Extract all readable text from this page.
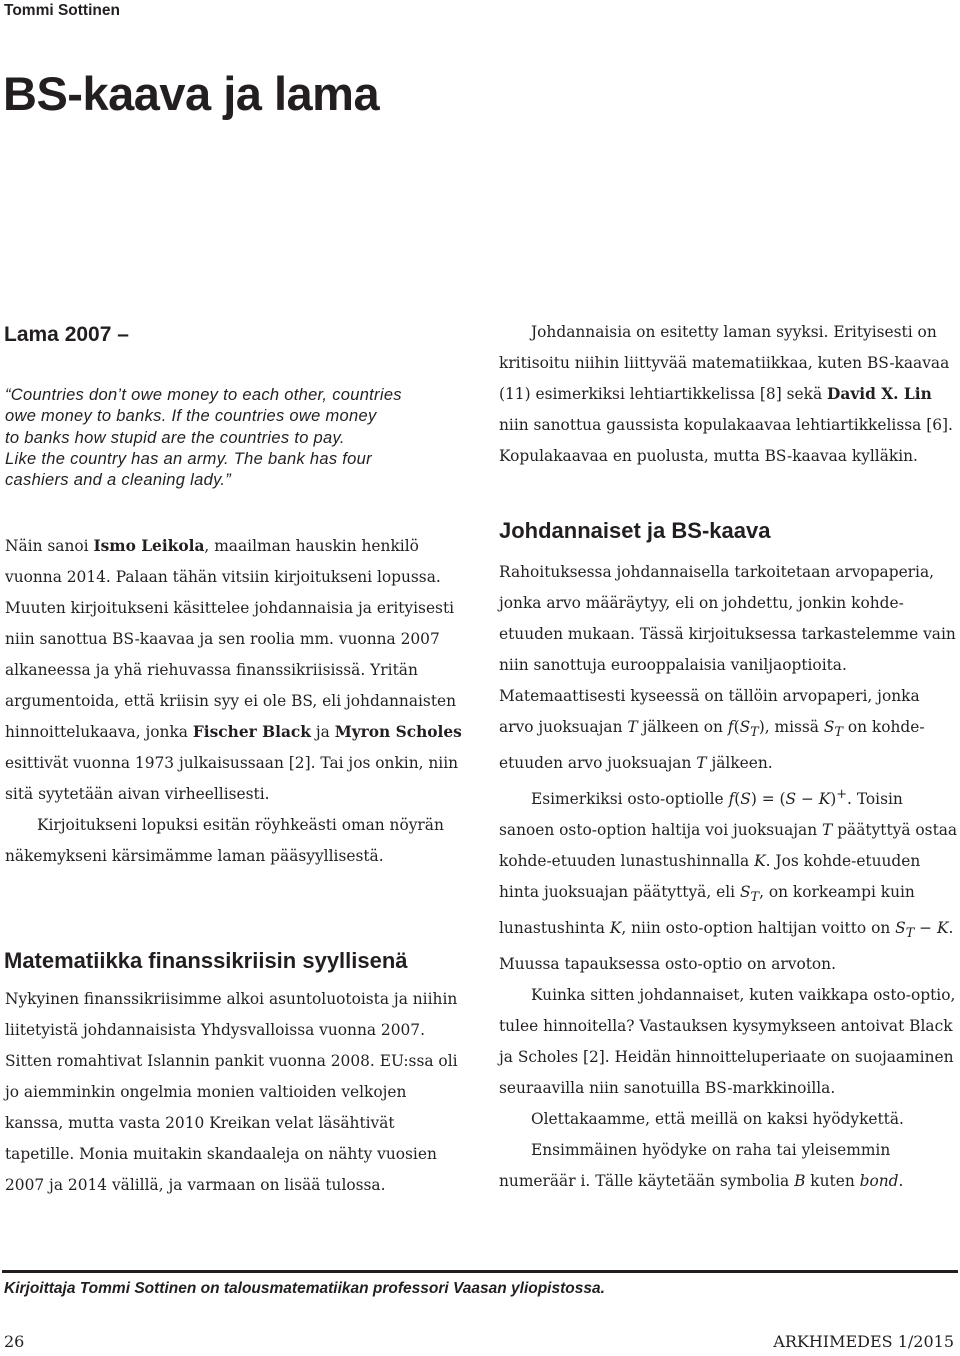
Tommi Sottinen
BS-kaava ja lama
Lama 2007 –
“Countries don’t owe money to each other, countries
owe money to banks. If the countries owe money
to banks how stupid are the countries to pay.
Like the country has an army. The bank has four
cashiers and a cleaning lady.”

Näin sanoi Ismo Leikola, maailman hauskin henkilö vuonna 2014. Palaan tähän vitsiin kirjoitukseni lopussa. Muuten kirjoitukseni käsittelee johdannaisia ja erityisesti niin sanottua BS-kaavaa ja sen roolia mm. vuonna 2007 alkaneessa ja yhä riehuvassa finanssikriisissä. Yritän argumentoida, että kriisin syy ei ole BS, eli johdannaisten hinnoittelukaava, jonka Fischer Black ja Myron Scholes esittivät vuonna 1973 julkaisussaan [2]. Tai jos onkin, niin sitä syytetään aivan virheellisesti.

Kirjoitukseni lopuksi esitän röyhkeästi oman nöyrän näkemykseni kärsimämme laman pääsyyllisestä.

Matematiikka finanssikriisin syyllisenä

Nykyinen finanssikriisimme alkoi asuntoluotoista ja niihin liitetyistä johdannaisista Yhdysvalloissa vuonna 2007. Sitten romahtivat Islannin pankit vuonna 2008. EU:ssa oli jo aiemminkin ongelmia monien valtioiden velkojen kanssa, mutta vasta 2010 Kreikan velat läsähtivät tapetille. Monia muitakin skandaaleja on nähty vuosien 2007 ja 2014 välillä, ja varmaan on lisää tulossa.

Johdannaisia on esitetty laman syyksi. Erityisesti on kritisoitu niihin liittyvää matematiikkaa, kuten BS-kaavaa (11) esimerkiksi lehtiartikkelissa [8] sekä David X. Lin niin sanottua gaussista kopulakaavaa lehtiartikkelissa [6]. Kopulakaavaa en puolusta, mutta BS-kaavaa kylläkin.

Johdannaiset ja BS-kaava

Rahoituksessa johdannaisella tarkoitetaan arvopaperia, jonka arvo määräytyy, eli on johdettu, jonkin kohde-etuuden mukaan. Tässä kirjoituksessa tarkastelemme vain niin sanottuja eurooppalaisia vaniljaoptioita. Matemaattisesti kyseessä on tällöin arvopaperi, jonka arvo juoksuajan T jälkeen on $f(S_T)$, missä $S_T$ on kohde-etuuden arvo juoksuajan T jälkeen.

Esimerkiksi osto-optiolle f(S) = (S − K)+. Toisin sanoen osto-option haltija voi juoksuajan T päätyttyä ostaa kohde-etuuden lunastushinnalla K. Jos kohde-etuuden hinta juoksuajan päätyttyä, eli $S_T$, on korkeampi kuin lunastushinta K, niin osto-option haltijan voitto on $S_T - K$. Muussa tapauksessa osto-optio on arvoton.

Kuinka sitten johdannaiset, kuten vaikkapa osto-optio, tulee hinnoitella? Vastauksen kysymykseen antoivat Black ja Scholes [2]. Heidän hinnoitteluperiaate on suojaaminen seuraavilla niin sanotuilla BS-markkinoilla.

Olettakaamme, että meillä on kaksi hyödykettä.

Ensimmäinen hyödyke on raha tai yleisemmin numeräär i. Tälle käytetään symbolia B kuten bond.

Kirjoittaja Tommi Sottinen on talousmatematiikan professori Vaasan yliopistossa.
26	ARKHIMEDES 1/2015
